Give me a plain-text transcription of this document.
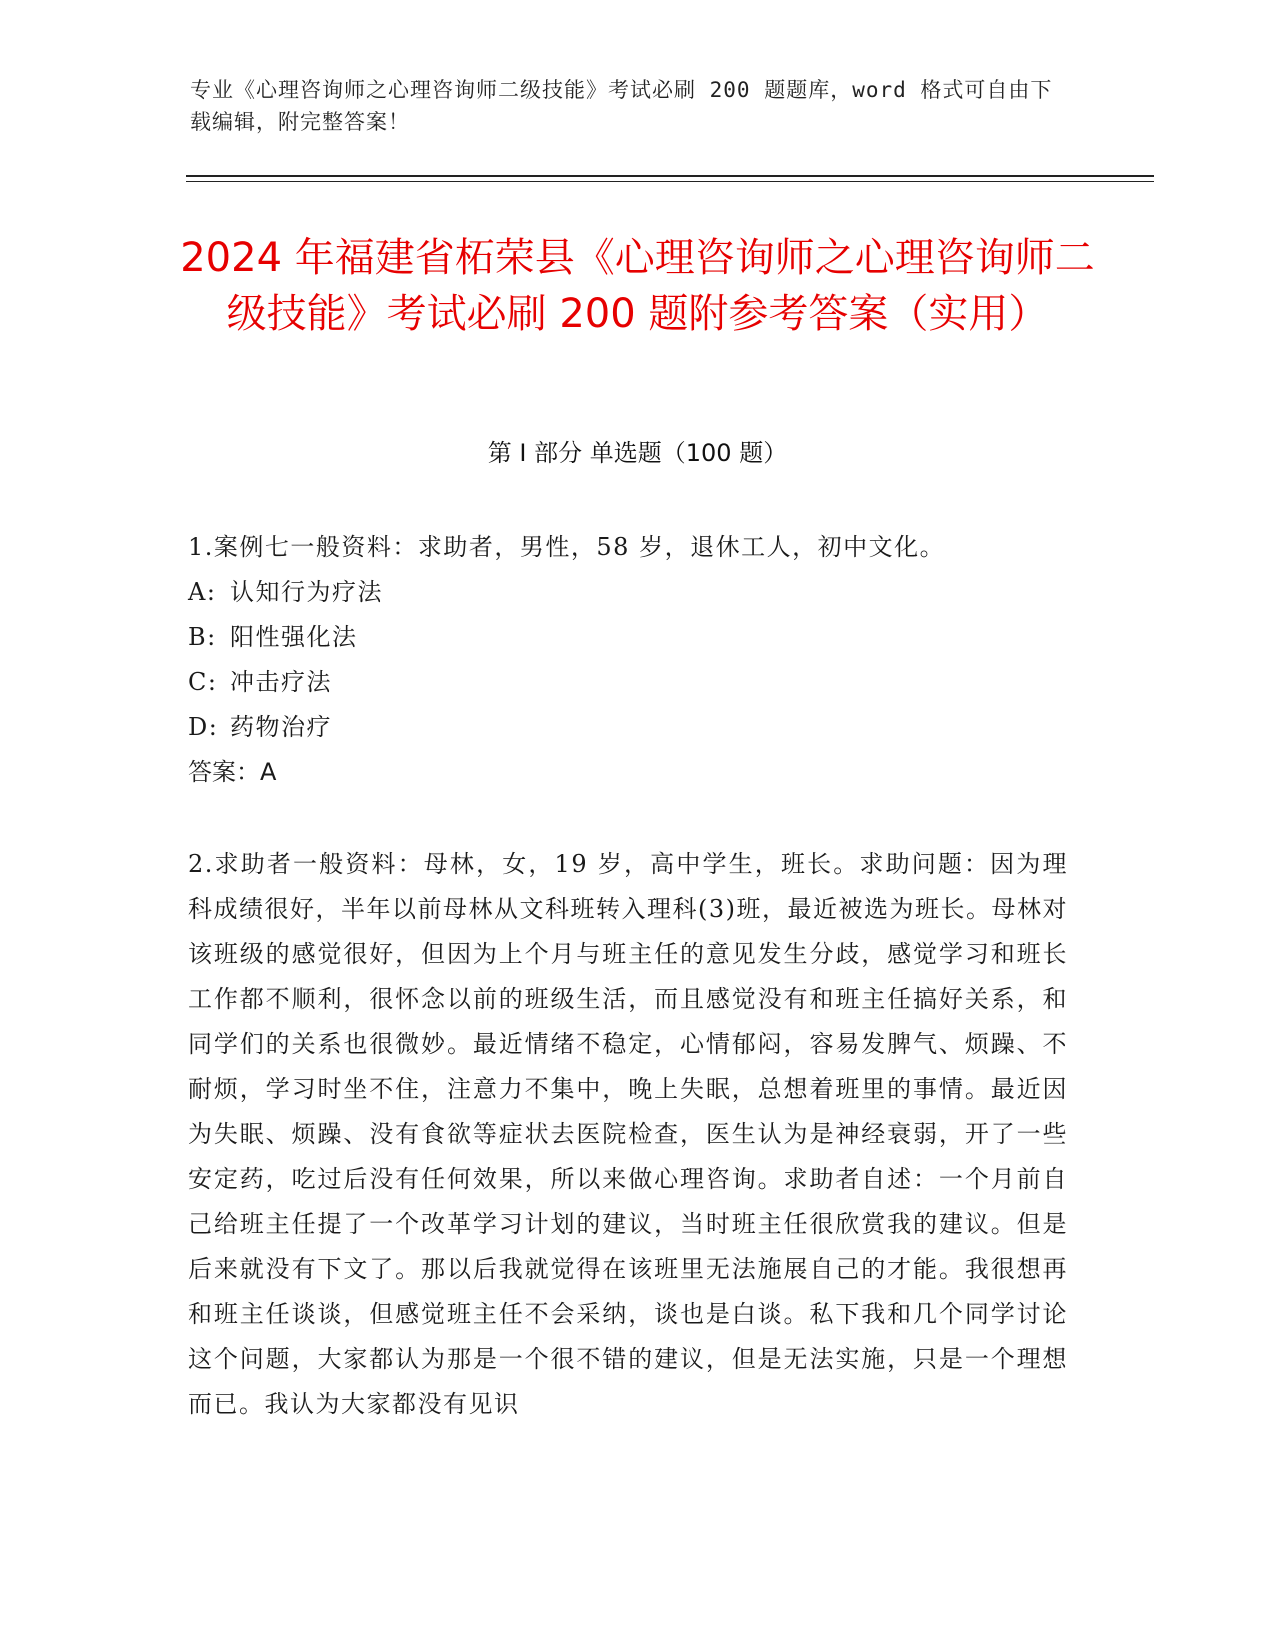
专业《心理咨询师之心理咨询师二级技能》考试必刷 200 题题库，word 格式可自由下载编辑，附完整答案！
2024 年福建省柘荣县《心理咨询师之心理咨询师二级技能》考试必刷 200 题附参考答案（实用）
第 I 部分 单选题（100 题）
1.案例七一般资料：求助者，男性，58 岁，退休工人，初中文化。
A: 认知行为疗法
B: 阳性强化法
C: 冲击疗法
D: 药物治疗
答案：A
2.求助者一般资料：母林，女，19 岁，高中学生，班长。求助问题：因为理科成绩很好，半年以前母林从文科班转入理科(3)班，最近被选为班长。母林对该班级的感觉很好，但因为上个月与班主任的意见发生分歧，感觉学习和班长工作都不顺利，很怀念以前的班级生活，而且感觉没有和班主任搞好关系，和同学们的关系也很微妙。最近情绪不稳定，心情郁闷，容易发脾气、烦躁、不耐烦，学习时坐不住，注意力不集中，晚上失眠，总想着班里的事情。最近因为失眠、烦躁、没有食欲等症状去医院检查，医生认为是神经衰弱，开了一些安定药，吃过后没有任何效果，所以来做心理咨询。求助者自述：一个月前自己给班主任提了一个改革学习计划的建议，当时班主任很欣赏我的建议。但是后来就没有下文了。那以后我就觉得在该班里无法施展自己的才能。我很想再和班主任谈谈，但感觉班主任不会采纳，谈也是白谈。私下我和几个同学讨论这个问题，大家都认为那是一个很不错的建议，但是无法实施，只是一个理想而已。我认为大家都没有见识
